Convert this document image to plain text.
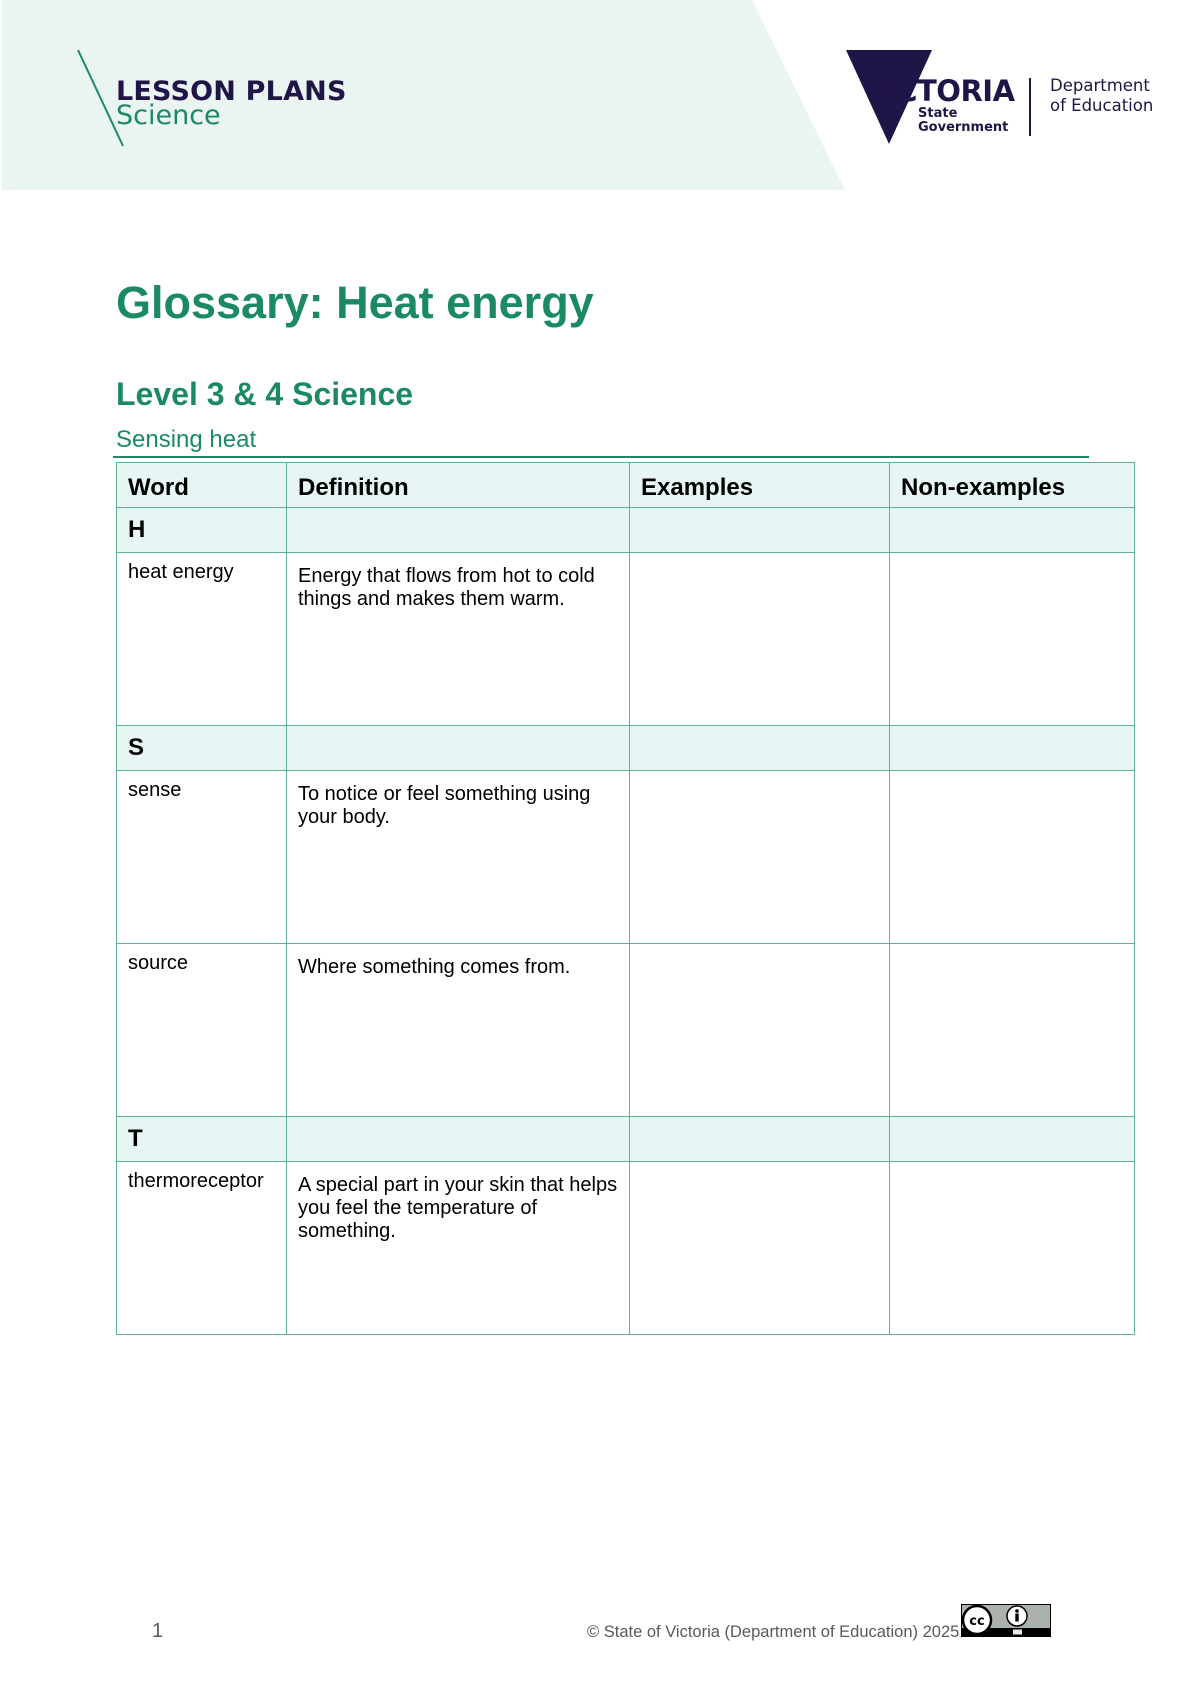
LESSON PLANS
Science
VICTORIA
State
Government
Department
of Education
Glossary: Heat energy
Level 3 & 4 Science
Sensing heat
Word	Definition	Examples	Non-examples
H			
heat energy	Energy that flows from hot to cold things and makes them warm.		
S			
sense	To notice or feel something using your body.		
source	Where something comes from.		
T			
thermoreceptor	A special part in your skin that helps you feel the temperature of something.		
1	© State of Victoria (Department of Education) 2025
cc
